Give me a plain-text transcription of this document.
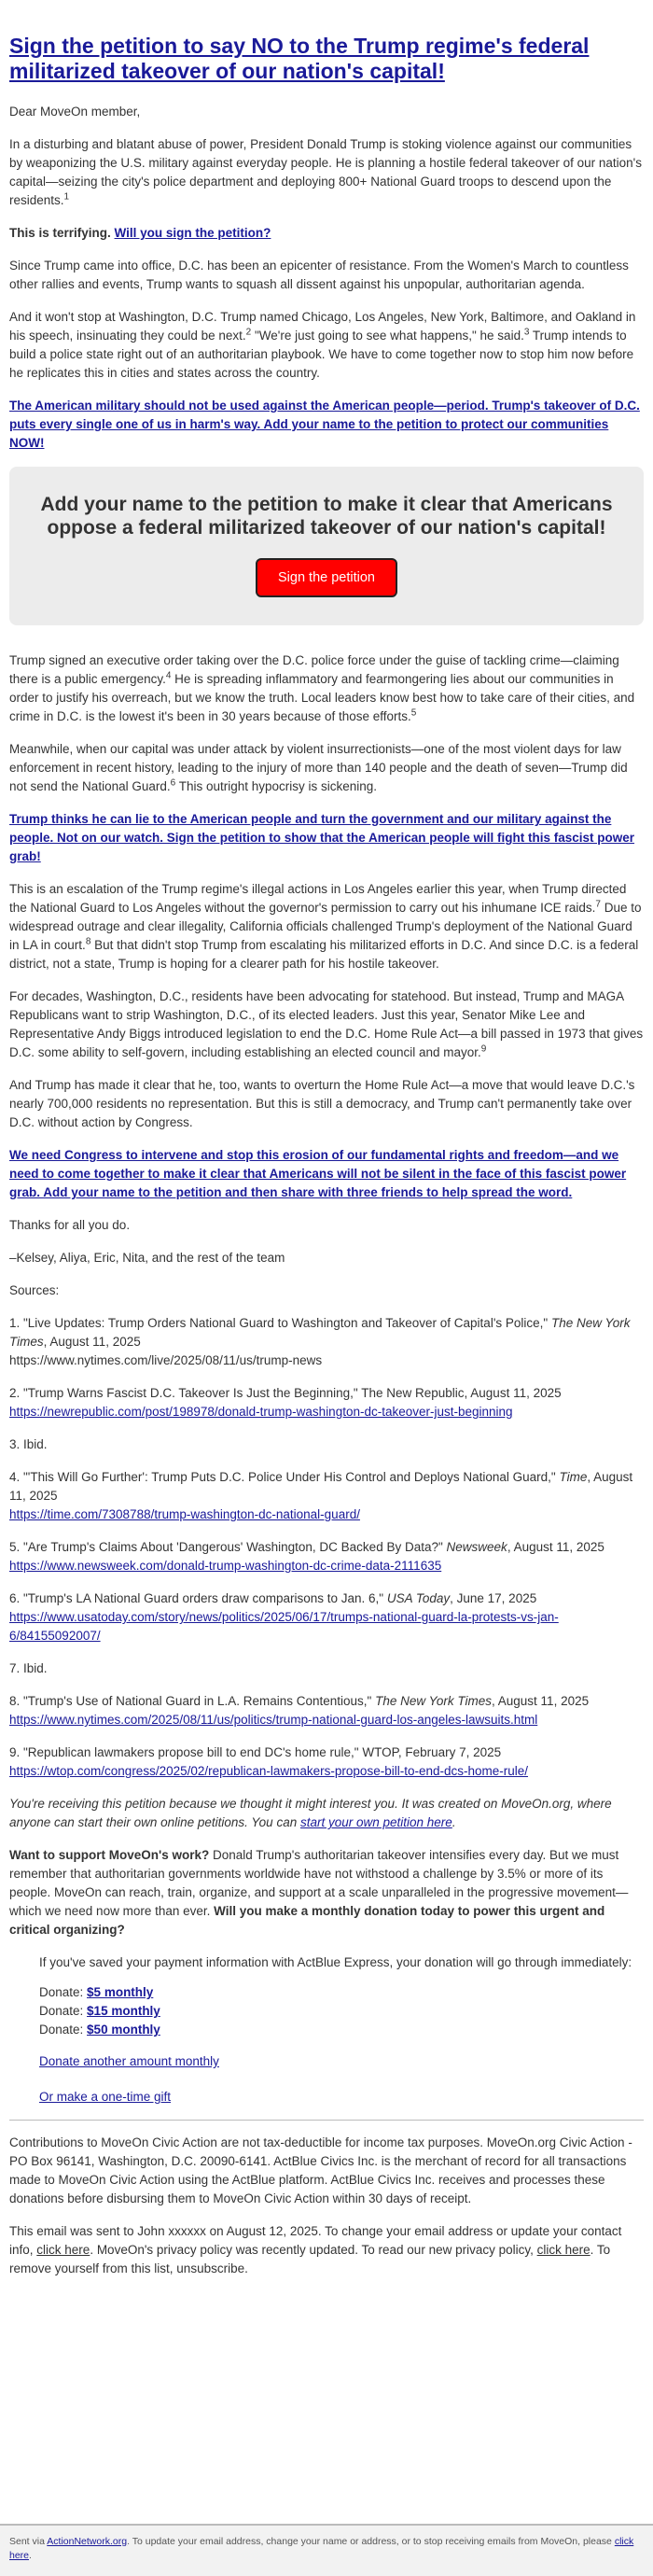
Sign the petition to say NO to the Trump regime's federal militarized takeover of our nation's capital!

Dear MoveOn member,

In a disturbing and blatant abuse of power, President Donald Trump is stoking violence against our communities by weaponizing the U.S. military against everyday people. He is planning a hostile federal takeover of our nation's capital—seizing the city's police department and deploying 800+ National Guard troops to descend upon the residents.$^1$

This is terrifying. Will you sign the petition?

Since Trump came into office, D.C. has been an epicenter of resistance. From the Women's March to countless other rallies and events, Trump wants to squash all dissent against his unpopular, authoritarian agenda.

And it won't stop at Washington, D.C. Trump named Chicago, Los Angeles, New York, Baltimore, and Oakland in his speech, insinuating they could be next.$^2$ "We're just going to see what happens," he said.$^3$ Trump intends to build a police state right out of an authoritarian playbook. We have to come together now to stop him now before he replicates this in cities and states across the country.

The American military should not be used against the American people—period. Trump's takeover of D.C. puts every single one of us in harm's way. Add your name to the petition to protect our communities NOW!

Add your name to the petition to make it clear that Americans oppose a federal militarized takeover of our nation's capital!
Sign the petition

Trump signed an executive order taking over the D.C. police force under the guise of tackling crime—claiming there is a public emergency.$^4$ He is spreading inflammatory and fearmongering lies about our communities in order to justify his overreach, but we know the truth. Local leaders know best how to take care of their cities, and crime in D.C. is the lowest it's been in 30 years because of those efforts.$^5$

Meanwhile, when our capital was under attack by violent insurrectionists—one of the most violent days for law enforcement in recent history, leading to the injury of more than 140 people and the death of seven—Trump did not send the National Guard.$^6$ This outright hypocrisy is sickening.

Trump thinks he can lie to the American people and turn the government and our military against the people. Not on our watch. Sign the petition to show that the American people will fight this fascist power grab!

This is an escalation of the Trump regime's illegal actions in Los Angeles earlier this year, when Trump directed the National Guard to Los Angeles without the governor's permission to carry out his inhumane ICE raids.$^7$ Due to widespread outrage and clear illegality, California officials challenged Trump's deployment of the National Guard in LA in court.$^8$ But that didn't stop Trump from escalating his militarized efforts in D.C. And since D.C. is a federal district, not a state, Trump is hoping for a clearer path for his hostile takeover.

For decades, Washington, D.C., residents have been advocating for statehood. But instead, Trump and MAGA Republicans want to strip Washington, D.C., of its elected leaders. Just this year, Senator Mike Lee and Representative Andy Biggs introduced legislation to end the D.C. Home Rule Act—a bill passed in 1973 that gives D.C. some ability to self-govern, including establishing an elected council and mayor.$^9$

And Trump has made it clear that he, too, wants to overturn the Home Rule Act—a move that would leave D.C.'s nearly 700,000 residents no representation. But this is still a democracy, and Trump can't permanently take over D.C. without action by Congress.

We need Congress to intervene and stop this erosion of our fundamental rights and freedom—and we need to come together to make it clear that Americans will not be silent in the face of this fascist power grab. Add your name to the petition and then share with three friends to help spread the word.

Thanks for all you do.

–Kelsey, Aliya, Eric, Nita, and the rest of the team

Sources:

1. "Live Updates: Trump Orders National Guard to Washington and Takeover of Capital's Police," The New York Times, August 11, 2025
https://www.nytimes.com/live/2025/08/11/us/trump-news

2. "Trump Warns Fascist D.C. Takeover Is Just the Beginning," The New Republic, August 11, 2025
https://newrepublic.com/post/198978/donald-trump-washington-dc-takeover-just-beginning

3. Ibid.

4. "'This Will Go Further': Trump Puts D.C. Police Under His Control and Deploys National Guard," Time, August 11, 2025
https://time.com/7308788/trump-washington-dc-national-guard/

5. "Are Trump's Claims About 'Dangerous' Washington, DC Backed By Data?" Newsweek, August 11, 2025
https://www.newsweek.com/donald-trump-washington-dc-crime-data-2111635

6. "Trump's LA National Guard orders draw comparisons to Jan. 6," USA Today, June 17, 2025
https://www.usatoday.com/story/news/politics/2025/06/17/trumps-national-guard-la-protests-vs-jan-6/84155092007/

7. Ibid.

8. "Trump's Use of National Guard in L.A. Remains Contentious," The New York Times, August 11, 2025
https://www.nytimes.com/2025/08/11/us/politics/trump-national-guard-los-angeles-lawsuits.html

9. "Republican lawmakers propose bill to end DC's home rule," WTOP, February 7, 2025
https://wtop.com/congress/2025/02/republican-lawmakers-propose-bill-to-end-dcs-home-rule/

You're receiving this petition because we thought it might interest you. It was created on MoveOn.org, where anyone can start their own online petitions. You can start your own petition here.

Want to support MoveOn's work? Donald Trump's authoritarian takeover intensifies every day. But we must remember that authoritarian governments worldwide have not withstood a challenge by 3.5% or more of its people. MoveOn can reach, train, organize, and support at a scale unparalleled in the progressive movement—which we need now more than ever. Will you make a monthly donation today to power this urgent and critical organizing?

If you've saved your payment information with ActBlue Express, your donation will go through immediately:

Donate: $5 monthly
Donate: $15 monthly
Donate: $50 monthly

Donate another amount monthly

Or make a one-time gift

Contributions to MoveOn Civic Action are not tax-deductible for income tax purposes. MoveOn.org Civic Action - PO Box 96141, Washington, D.C. 20090-6141. ActBlue Civics Inc. is the merchant of record for all transactions made to MoveOn Civic Action using the ActBlue platform. ActBlue Civics Inc. receives and processes these donations before disbursing them to MoveOn Civic Action within 30 days of receipt.

This email was sent to John xxxxxx on August 12, 2025. To change your email address or update your contact info, click here. MoveOn's privacy policy was recently updated. To read our new privacy policy, click here. To remove yourself from this list, unsubscribe.

Sent via ActionNetwork.org. To update your email address, change your name or address, or to stop receiving emails from MoveOn, please click here.
